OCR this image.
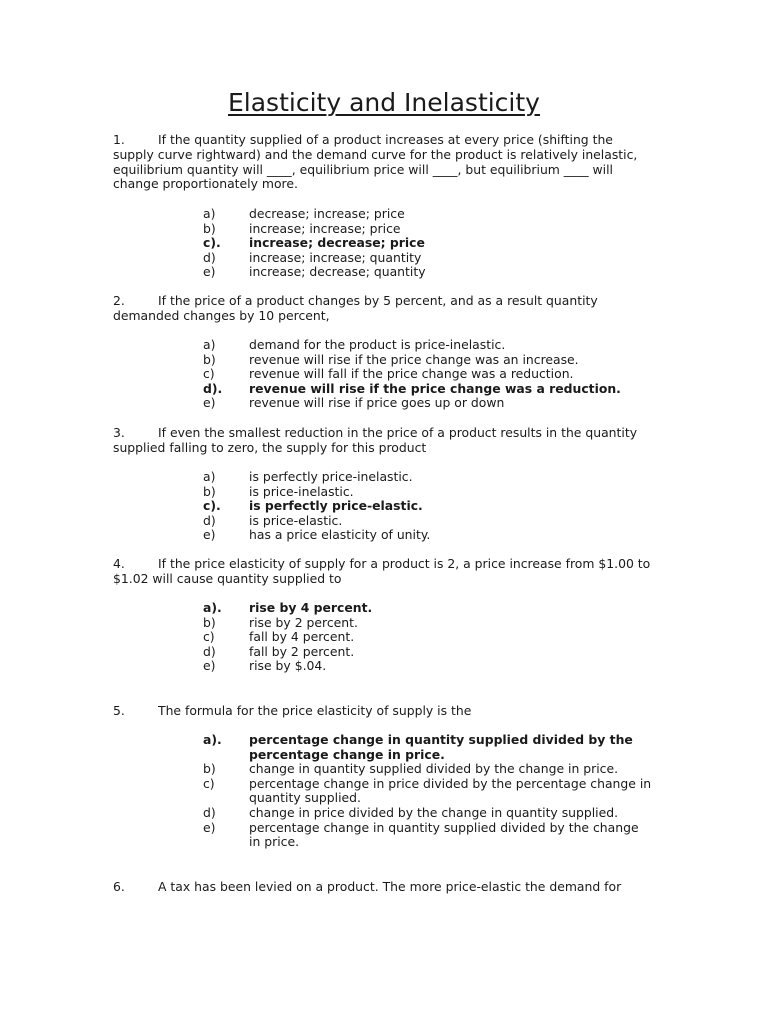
Elasticity and Inelasticity

1.	If the quantity supplied of a product increases at every price (shifting the supply curve rightward) and the demand curve for the product is relatively inelastic, equilibrium quantity will ____, equilibrium price will ____, but equilibrium ____ will change proportionately more.

a)	decrease; increase; price
b)	increase; increase; price
c).	increase; decrease; price
d)	increase; increase; quantity
e)	increase; decrease; quantity

2.	If the price of a product changes by 5 percent, and as a result quantity demanded changes by 10 percent,

a)	demand for the product is price-inelastic.
b)	revenue will rise if the price change was an increase.
c)	revenue will fall if the price change was a reduction.
d).	revenue will rise if the price change was a reduction.
e)	revenue will rise if price goes up or down

3.	If even the smallest reduction in the price of a product results in the quantity supplied falling to zero, the supply for this product

a)	is perfectly price-inelastic.
b)	is price-inelastic.
c).	is perfectly price-elastic.
d)	is price-elastic.
e)	has a price elasticity of unity.

4.	If the price elasticity of supply for a product is 2, a price increase from $1.00 to $1.02 will cause quantity supplied to

a).	rise by 4 percent.
b)	rise by 2 percent.
c)	fall by 4 percent.
d)	fall by 2 percent.
e)	rise by $.04.

5.	The formula for the price elasticity of supply is the

a).	percentage change in quantity supplied divided by the percentage change in price.
b)	change in quantity supplied divided by the change in price.
c)	percentage change in price divided by the percentage change in quantity supplied.
d)	change in price divided by the change in quantity supplied.
e)	percentage change in quantity supplied divided by the change in price.

6.	A tax has been levied on a product. The more price-elastic the demand for
